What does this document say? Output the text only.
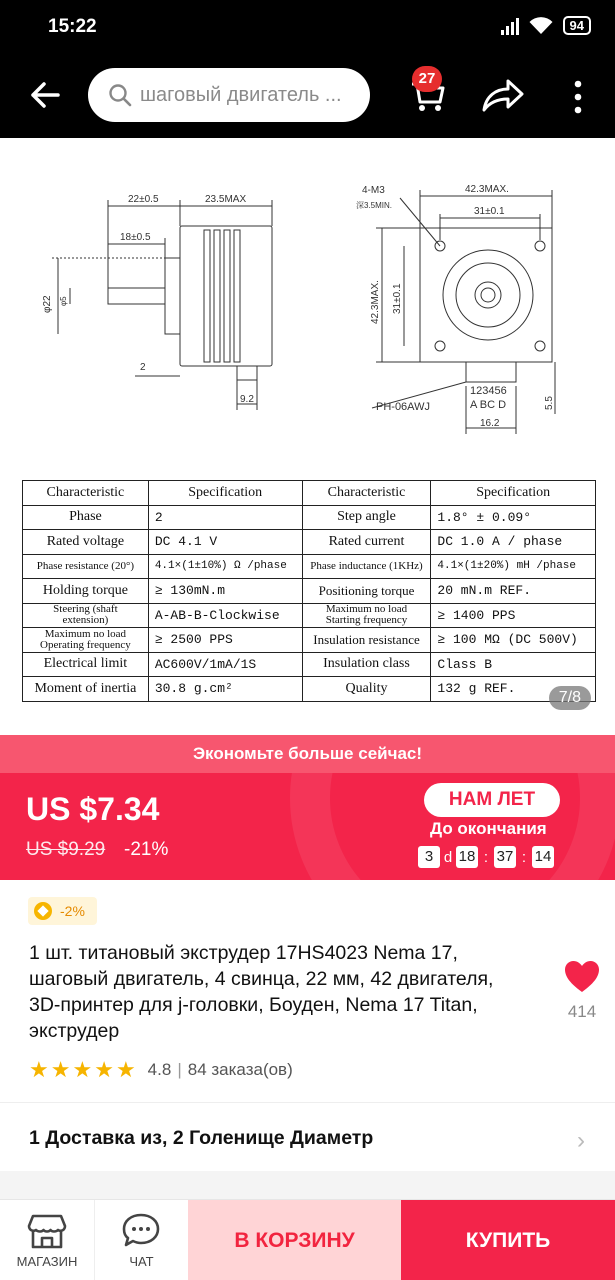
15:22	94
шаговый двигатель ...
27
22±0.5	23.5MAX
18±0.5
φ22 φ5
2
9.2
4-M3
深3.5MIN.
42.3MAX.
31±0.1
42.3MAX. 31±0.1
123456
A BC D
PH-06AWJ
16.2
5.5
Characteristic	Specification	Characteristic	Specification
Phase	2	Step angle	1.8° ± 0.09°
Rated voltage	DC 4.1 V	Rated current	DC 1.0 A / phase
Phase resistance (20°)	4.1×(1±10%) Ω /phase	Phase inductance (1KHz)	4.1×(1±20%) mH /phase
Holding torque	≥ 130mN.m	Positioning torque	20 mN.m REF.
Steering (shaft extension)	A-AB-B-Clockwise	Maximum no load Starting frequency	≥ 1400 PPS
Maximum no load Operating frequency	≥ 2500 PPS	Insulation resistance	≥ 100 MΩ (DC 500V)
Electrical limit	AC600V/1mA/1S	Insulation class	Class B
Moment of inertia	30.8 g.cm²	Quality	132 g REF.
7/8
Экономьте больше сейчас!
US $7.34
US $9.29 -21%
НАМ ЛЕТ
До окончания
3 d 18 : 37 : 14
-2%
1 шт. титановый экструдер 17HS4023 Nema 17, шаговый двигатель, 4 свинца, 22 мм, 42 двигателя, 3D-принтер для j-головки, Боуден, Nema 17 Titan, экструдер
414
★ ★ ★ ★ ★ 4.8 | 84 заказа(ов)
1 Доставка из, 2 Голенище Диаметр	›
МАГАЗИН	ЧАТ
В КОРЗИНУ	КУПИТЬ
